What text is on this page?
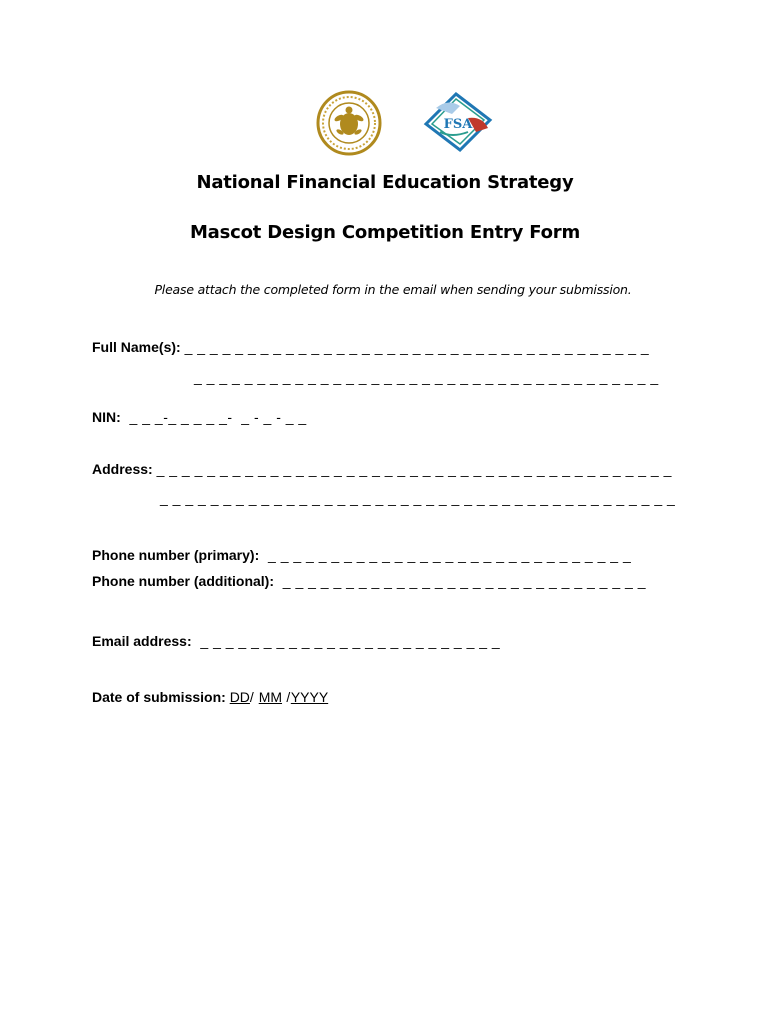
FSA
National Financial Education Strategy
Mascot Design Competition Entry Form
Please attach the completed form in the email when sending your submission.
Full Name(s): _ _ _ _ _ _ _ _ _ _ _ _ _ _ _ _ _ _ _ _ _ _ _ _ _ _ _ _ _ _ _ _ _ _ _ _ _
_ _ _ _ _ _ _ _ _ _ _ _ _ _ _ _ _ _ _ _ _ _ _ _ _ _ _ _ _ _ _ _ _ _ _ _ _
NIN:  _ _ _-_ _ _ _ _-  _ - _ - _ _
Address: _ _ _ _ _ _ _ _ _ _ _ _ _ _ _ _ _ _ _ _ _ _ _ _ _ _ _ _ _ _ _ _ _ _ _ _ _ _ _ _ _
_ _ _ _ _ _ _ _ _ _ _ _ _ _ _ _ _ _ _ _ _ _ _ _ _ _ _ _ _ _ _ _ _ _ _ _ _ _ _ _ _
Phone number (primary):  _ _ _ _ _ _ _ _ _ _ _ _ _ _ _ _ _ _ _ _ _ _ _ _ _ _ _ _ _
Phone number (additional):  _ _ _ _ _ _ _ _ _ _ _ _ _ _ _ _ _ _ _ _ _ _ _ _ _ _ _ _ _
Email address:  _ _ _ _ _ _ _ _ _ _ _ _ _ _ _ _ _ _ _ _ _ _ _ _
Date of submission: DD/ MM /YYYY
